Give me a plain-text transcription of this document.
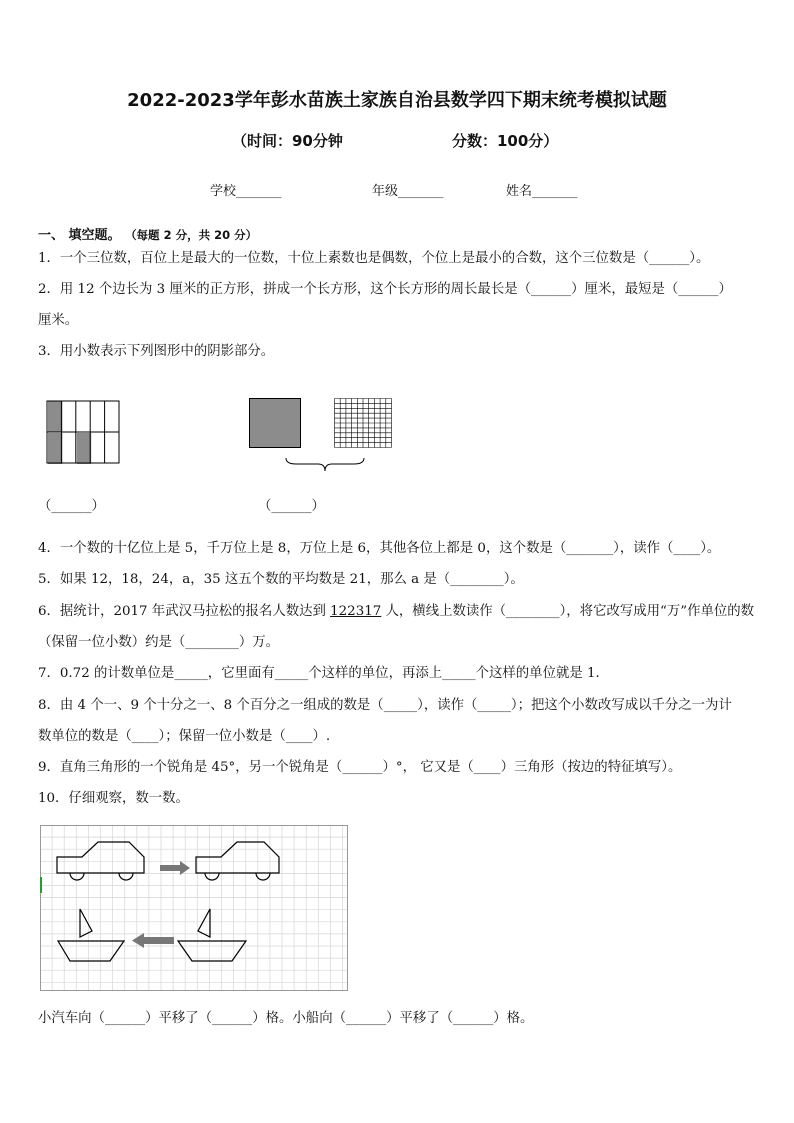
2022-2023学年彭水苗族土家族自治县数学四下期末统考模拟试题
（时间：90分钟	分数：100分）
学校_______	年级_______	姓名_______
一、 填空题。 （每题 2 分，共 20 分）
1．一个三位数，百位上是最大的一位数，十位上素数也是偶数，个位上是最小的合数，这个三位数是（______）。
2．用 12 个边长为 3 厘米的正方形，拼成一个长方形，这个长方形的周长最长是（______）厘米，最短是（______）
厘米。
3．用小数表示下列图形中的阴影部分。
（______）	（______）
4．一个数的十亿位上是 5，千万位上是 8，万位上是 6，其他各位上都是 0，这个数是（_______），读作（____）。
5．如果 12，18，24，a，35 这五个数的平均数是 21，那么 a 是（________）。
6．据统计，2017 年武汉马拉松的报名人数达到 122317 人，横线上数读作（________），将它改写成用“万”作单位的数
（保留一位小数）约是（________）万。
7．0.72 的计数单位是_____，它里面有_____个这样的单位，再添上_____个这样的单位就是 1．
8．由 4 个一、9 个十分之一、8 个百分之一组成的数是（_____），读作（_____）；把这个小数改写成以千分之一为计
数单位的数是（____）；保留一位小数是（____）.
9．直角三角形的一个锐角是 45°，另一个锐角是（______）°， 它又是（____）三角形（按边的特征填写）。
10．仔细观察，数一数。
小汽车向（______）平移了（______）格。小船向（______）平移了（______）格。
